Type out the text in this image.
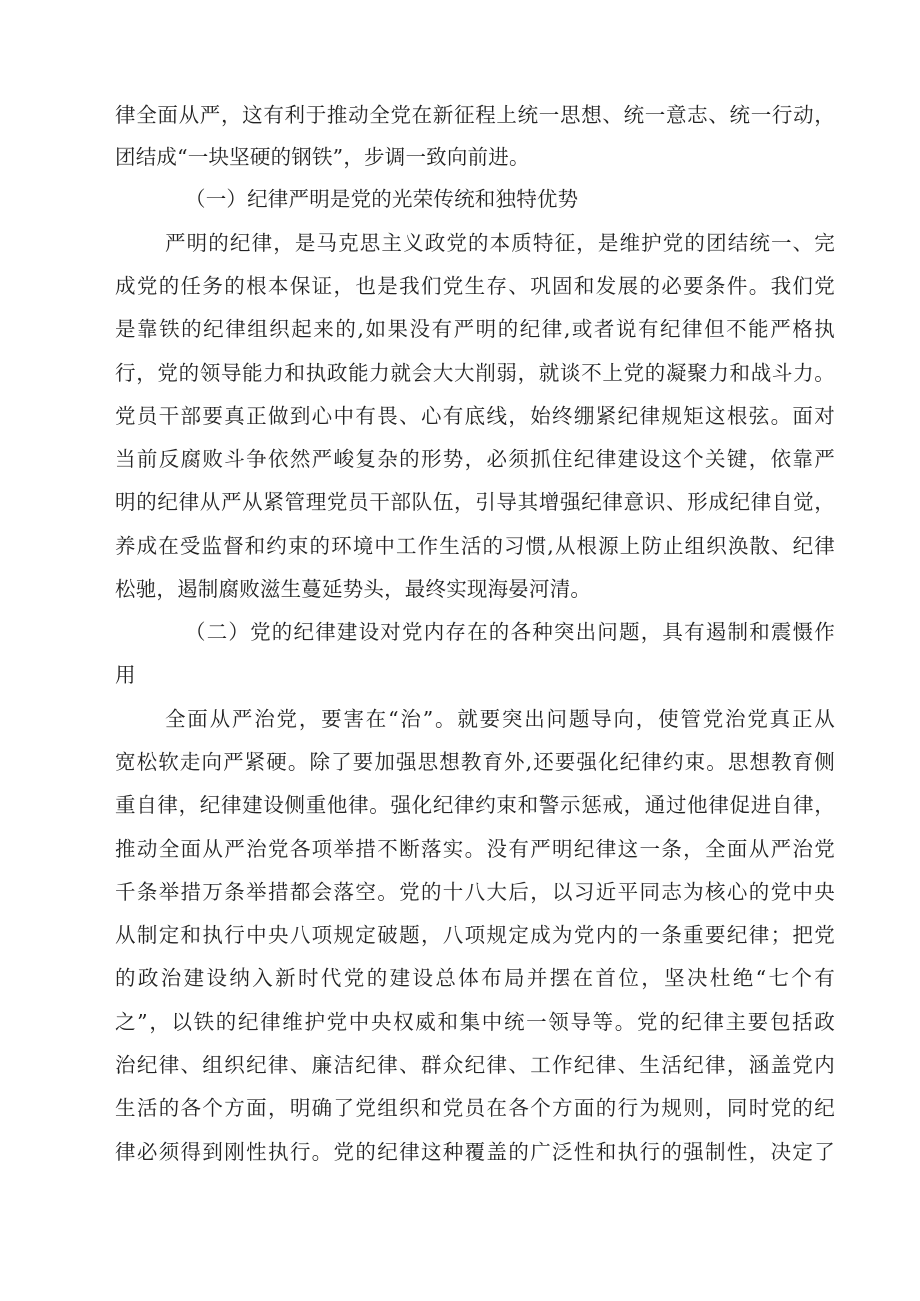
律全面从严，这有利于推动全党在新征程上统一思想、统一意志、统一行动，
团结成“一块坚硬的钢铁”，步调一致向前进。
（一）纪律严明是党的光荣传统和独特优势
严明的纪律，是马克思主义政党的本质特征，是维护党的团结统一、完
成党的任务的根本保证，也是我们党生存、巩固和发展的必要条件。我们党
是靠铁的纪律组织起来的,如果没有严明的纪律,或者说有纪律但不能严格执
行，党的领导能力和执政能力就会大大削弱，就谈不上党的凝聚力和战斗力。
党员干部要真正做到心中有畏、心有底线，始终绷紧纪律规矩这根弦。面对
当前反腐败斗争依然严峻复杂的形势，必须抓住纪律建设这个关键，依靠严
明的纪律从严从紧管理党员干部队伍，引导其增强纪律意识、形成纪律自觉，
养成在受监督和约束的环境中工作生活的习惯,从根源上防止组织涣散、纪律
松驰，遏制腐败滋生蔓延势头，最终实现海晏河清。
（二）党的纪律建设对党内存在的各种突出问题，具有遏制和震慑作
用
全面从严治党，要害在“治”。就要突出问题导向，使管党治党真正从
宽松软走向严紧硬。除了要加强思想教育外,还要强化纪律约束。思想教育侧
重自律，纪律建设侧重他律。强化纪律约束和警示惩戒，通过他律促进自律，
推动全面从严治党各项举措不断落实。没有严明纪律这一条，全面从严治党
千条举措万条举措都会落空。党的十八大后，以习近平同志为核心的党中央
从制定和执行中央八项规定破题，八项规定成为党内的一条重要纪律；把党
的政治建设纳入新时代党的建设总体布局并摆在首位，坚决杜绝“七个有
之”，以铁的纪律维护党中央权威和集中统一领导等。党的纪律主要包括政
治纪律、组织纪律、廉洁纪律、群众纪律、工作纪律、生活纪律，涵盖党内
生活的各个方面，明确了党组织和党员在各个方面的行为规则，同时党的纪
律必须得到刚性执行。党的纪律这种覆盖的广泛性和执行的强制性，决定了
